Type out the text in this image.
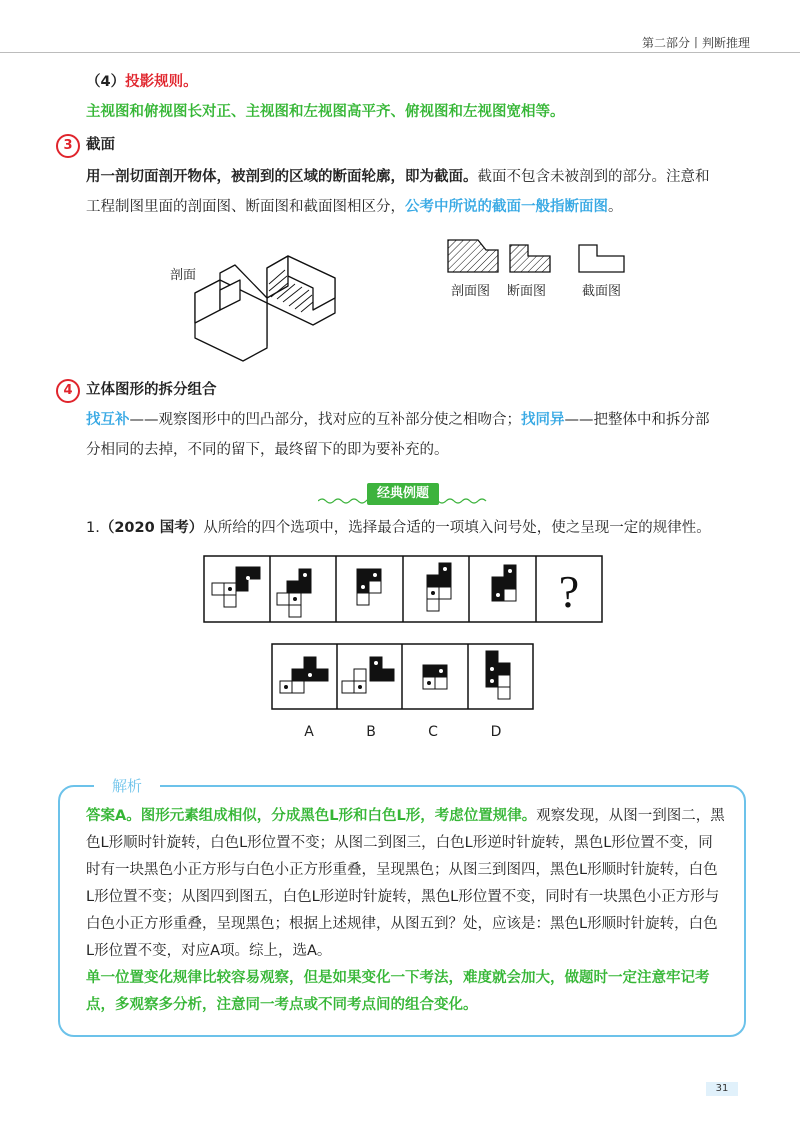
第二部分丨判断推理
（4）投影规则。
主视图和俯视图长对正、主视图和左视图高平齐、俯视图和左视图宽相等。
3 截面
用一剖切面剖开物体，被剖到的区域的断面轮廓，即为截面。截面不包含未被剖到的部分。注意和
工程制图里面的剖面图、断面图和截面图相区分，公考中所说的截面一般指断面图。
剖面
剖面图 断面图	截面图
4 立体图形的拆分组合
找互补——观察图形中的凹凸部分，找对应的互补部分使之相吻合；找同异——把整体中和拆分部
分相同的去掉，不同的留下，最终留下的即为要补充的。
经典例题
1.（2020 国考）从所给的四个选项中，选择最合适的一项填入问号处，使之呈现一定的规律性。
?
A	B	C	D
解析
答案A。图形元素组成相似，分成黑色L形和白色L形，考虑位置规律。观察发现，从图一到图二，黑
色L形顺时针旋转，白色L形位置不变；从图二到图三，白色L形逆时针旋转，黑色L形位置不变，同
时有一块黑色小正方形与白色小正方形重叠，呈现黑色；从图三到图四，黑色L形顺时针旋转，白色
L形位置不变；从图四到图五，白色L形逆时针旋转，黑色L形位置不变，同时有一块黑色小正方形与
白色小正方形重叠，呈现黑色；根据上述规律，从图五到？处，应该是：黑色L形顺时针旋转，白色
L形位置不变，对应A项。综上，选A。
单一位置变化规律比较容易观察，但是如果变化一下考法，难度就会加大，做题时一定注意牢记考
点，多观察多分析，注意同一考点或不同考点间的组合变化。
31
